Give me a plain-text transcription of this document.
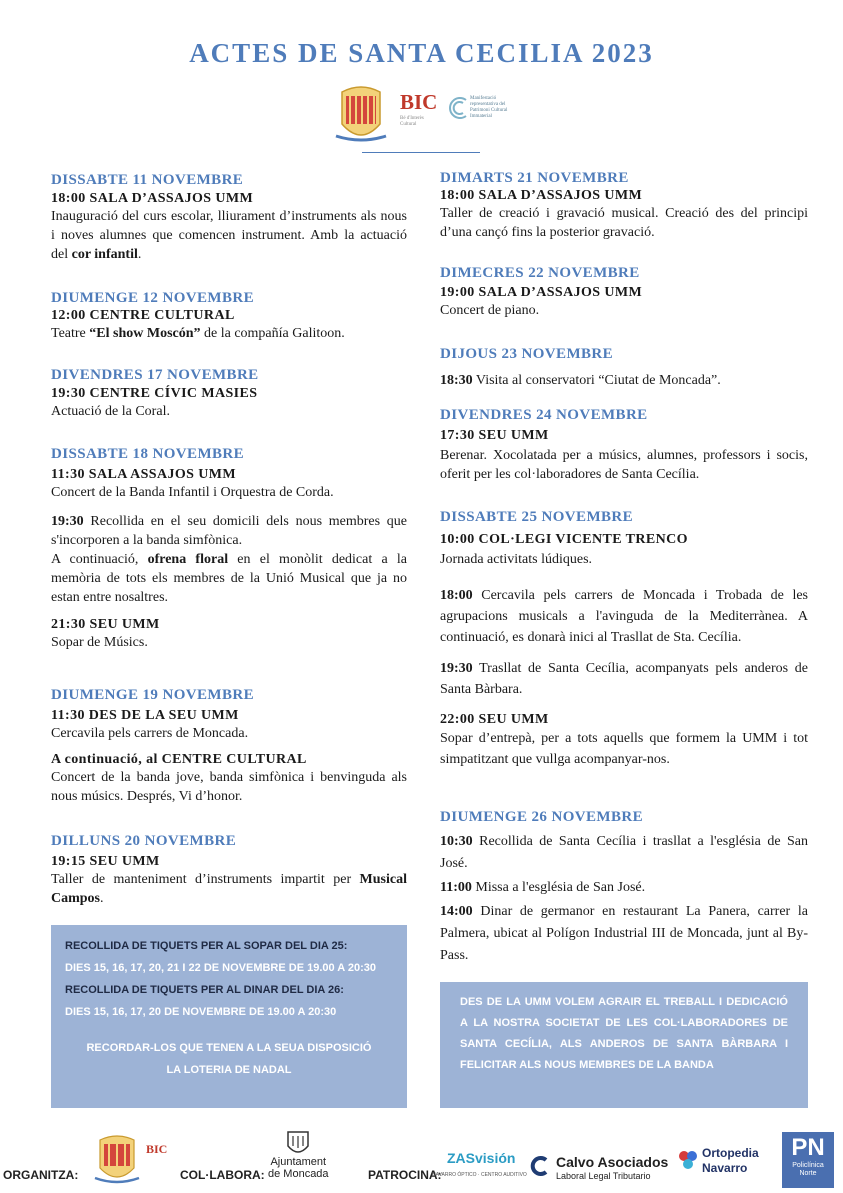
ACTES DE SANTA CECILIA 2023
BIC
Bé d'Interès Cultural
Manifestació representativa del Patrimoni Cultural Immaterial
DISSABTE 11 NOVEMBRE
18:00 SALA D’ASSAJOS UMM
Inauguració del curs escolar, lliurament d’instruments als nous i noves alumnes que comencen instrument. Amb la actuació del cor infantil.
DIUMENGE 12 NOVEMBRE
12:00 CENTRE CULTURAL
Teatre “El show Moscón” de la compañía Galitoon.
DIVENDRES 17 NOVEMBRE
19:30 CENTRE CÍVIC MASIES
Actuació de la Coral.
DISSABTE 18 NOVEMBRE
11:30 SALA ASSAJOS UMM
Concert de la Banda Infantil i Orquestra de Corda.
19:30 Recollida en el seu domicili dels nous membres que s'incorporen a la banda simfònica.
A continuació, ofrena floral en el monòlit dedicat a la memòria de tots els membres de la Unió Musical que ja no estan entre nosaltres.
21:30 SEU UMM
Sopar de Músics.
DIUMENGE 19 NOVEMBRE
11:30 DES DE LA SEU UMM
Cercavila pels carrers de Moncada.
A continuació, al CENTRE CULTURAL
Concert de la banda jove, banda simfònica i benvinguda als nous músics. Després, Vi d’honor.
DILLUNS 20 NOVEMBRE
19:15 SEU UMM
Taller de manteniment d’instruments impartit per Musical Campos.
DIMARTS 21 NOVEMBRE
18:00 SALA D’ASSAJOS UMM
Taller de creació i gravació musical. Creació des del principi d’una cançó fins la posterior gravació.
DIMECRES 22 NOVEMBRE
19:00 SALA D’ASSAJOS UMM
Concert de piano.
DIJOUS 23 NOVEMBRE
18:30 Visita al conservatori “Ciutat de Moncada”.
DIVENDRES 24 NOVEMBRE
17:30 SEU UMM
Berenar. Xocolatada per a músics, alumnes, professors i socis, oferit per les col·laboradores de Santa Cecília.
DISSABTE 25 NOVEMBRE
10:00 COL·LEGI VICENTE TRENCO
Jornada activitats lúdiques.
18:00 Cercavila pels carrers de Moncada i Trobada de les agrupacions musicals a l'avinguda de la Mediterrànea. A continuació, es donarà inici al Trasllat de Sta. Cecília.
19:30 Trasllat de Santa Cecília, acompanyats pels anderos de Santa Bàrbara.
22:00 SEU UMM
Sopar d’entrepà, per a tots aquells que formem la UMM i tot simpatitzant que vullga acompanyar-nos.
DIUMENGE 26 NOVEMBRE
10:30 Recollida de Santa Cecília i trasllat a l'església de San José.
11:00 Missa a l'església de San José.
14:00 Dinar de germanor en restaurant La Panera, carrer la Palmera, ubicat al Polígon Industrial III de Moncada, junt al By-Pass.
RECOLLIDA DE TIQUETS PER AL SOPAR DEL DIA 25:
DIES 15, 16, 17, 20, 21 I 22 DE NOVEMBRE DE 19.00 A 20:30
RECOLLIDA DE TIQUETS PER AL DINAR DEL DIA 26:
DIES 15, 16, 17, 20 DE NOVEMBRE DE 19.00 A 20:30
RECORDAR-LOS QUE TENEN A LA SEUA DISPOSICIÓ LA LOTERIA DE NADAL
DES DE LA UMM VOLEM AGRAIR EL TREBALL I DEDICACIÓ A LA NOSTRA SOCIETAT DE LES COL·LABORADORES DE SANTA CECÍLIA, ALS ANDEROS DE SANTA BÀRBARA I FELICITAR ALS NOUS MEMBRES DE LA BANDA
ORGANITZA:
BIC
COL·LABORA:
Ajuntament
de Moncada	PATROCINA:
ZASvisión
NAVARRO ÓPTICO · CENTRO AUDITIVO
Calvo Asociados
Laboral Legal Tributario
Ortopedia
Navarro
PN
Policlínica
Norte
